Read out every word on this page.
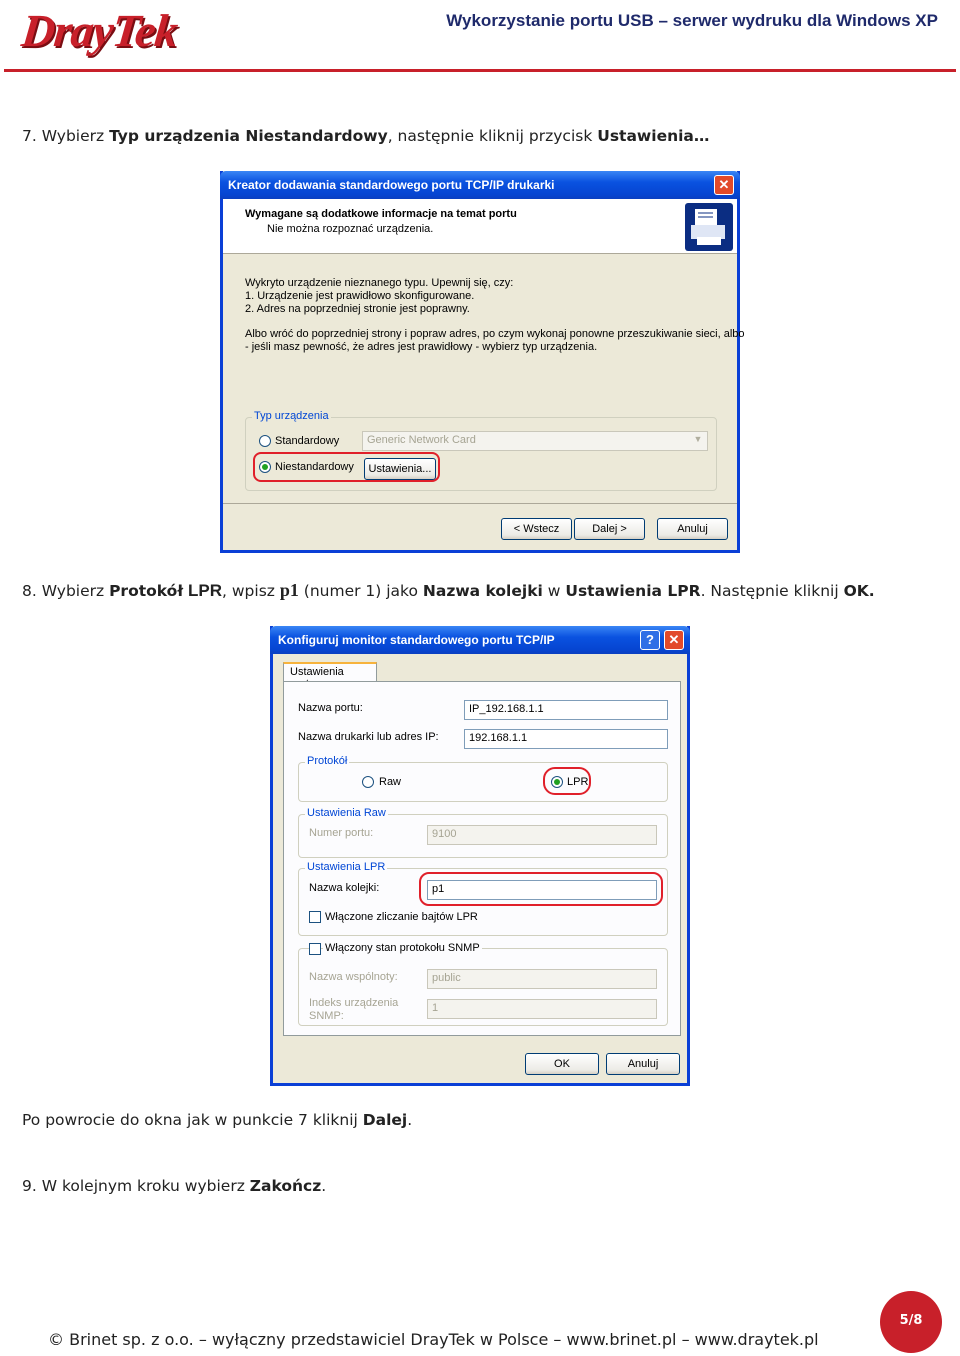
DrayTek	Wykorzystanie portu USB – serwer wydruku dla Windows XP
7. Wybierz Typ urządzenia Niestandardowy, następnie kliknij przycisk Ustawienia…
Kreator dodawania standardowego portu TCP/IP drukarki	✕
Wymagane są dodatkowe informacje na temat portu
Nie można rozpoznać urządzenia.
Wykryto urządzenie nieznanego typu. Upewnij się, czy:
1. Urządzenie jest prawidłowo skonfigurowane.
2. Adres na poprzedniej stronie jest poprawny.
Albo wróć do poprzedniej strony i popraw adres, po czym wykonaj ponowne przeszukiwanie sieci, albo
- jeśli masz pewność, że adres jest prawidłowy - wybierz typ urządzenia.
Typ urządzenia
Standardowy	Generic Network Card	▼
Niestandardowy	Ustawienia...
< Wstecz	Dalej >	Anuluj
8. Wybierz Protokół LPR, wpisz p1 (numer 1) jako Nazwa kolejki w Ustawienia LPR. Następnie kliknij OK.
Konfiguruj monitor standardowego portu TCP/IP	?	✕
Ustawienia
Nazwa portu:	IP_192.168.1.1
Nazwa drukarki lub adres IP:	192.168.1.1
Protokół
Raw	LPR
Ustawienia Raw
Numer portu:	9100
Ustawienia LPR
Nazwa kolejki:	p1
Włączone zliczanie bajtów LPR
Włączony stan protokołu SNMP
Nazwa wspólnoty:	public
Indeks urządzenia
SNMP:
1
OK	Anuluj
Po powrocie do okna jak w punkcie 7 kliknij Dalej.
9. W kolejnym kroku wybierz Zakończ.
5/8
© Brinet sp. z o.o. – wyłączny przedstawiciel DrayTek w Polsce – www.brinet.pl – www.draytek.pl
